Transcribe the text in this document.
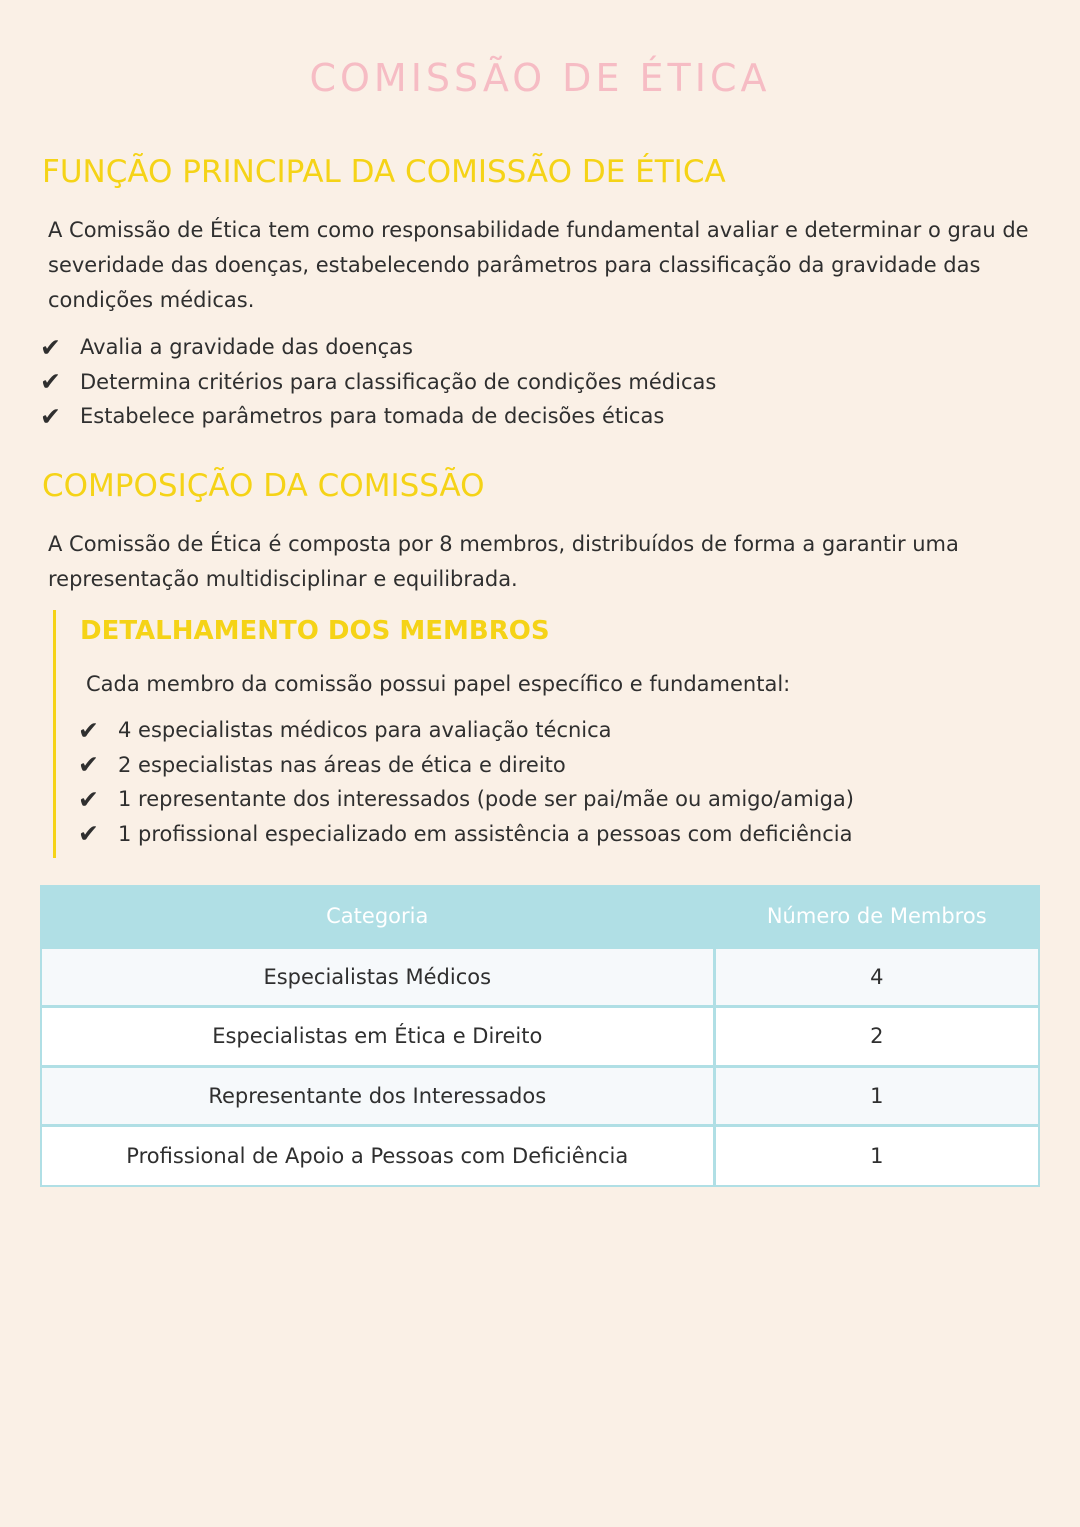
COMISSÃO DE ÉTICA
FUNÇÃO PRINCIPAL DA COMISSÃO DE ÉTICA

A Comissão de Ética tem como responsabilidade fundamental avaliar e determinar o grau de severidade das doenças, estabelecendo parâmetros para classificação da gravidade das condições médicas.

✔ Avalia a gravidade das doenças
✔ Determina critérios para classificação de condições médicas
✔ Estabelece parâmetros para tomada de decisões éticas
COMPOSIÇÃO DA COMISSÃO

A Comissão de Ética é composta por 8 membros, distribuídos de forma a garantir uma representação multidisciplinar e equilibrada.

DETALHAMENTO DOS MEMBROS

Cada membro da comissão possui papel específico e fundamental:

✔ 4 especialistas médicos para avaliação técnica
✔ 2 especialistas nas áreas de ética e direito
✔ 1 representante dos interessados (pode ser pai/mãe ou amigo/amiga)
✔ 1 profissional especializado em assistência a pessoas com deficiência
Categoria	Número de Membros
Especialistas Médicos	4
Especialistas em Ética e Direito	2
Representante dos Interessados	1
Profissional de Apoio a Pessoas com Deficiência	1
